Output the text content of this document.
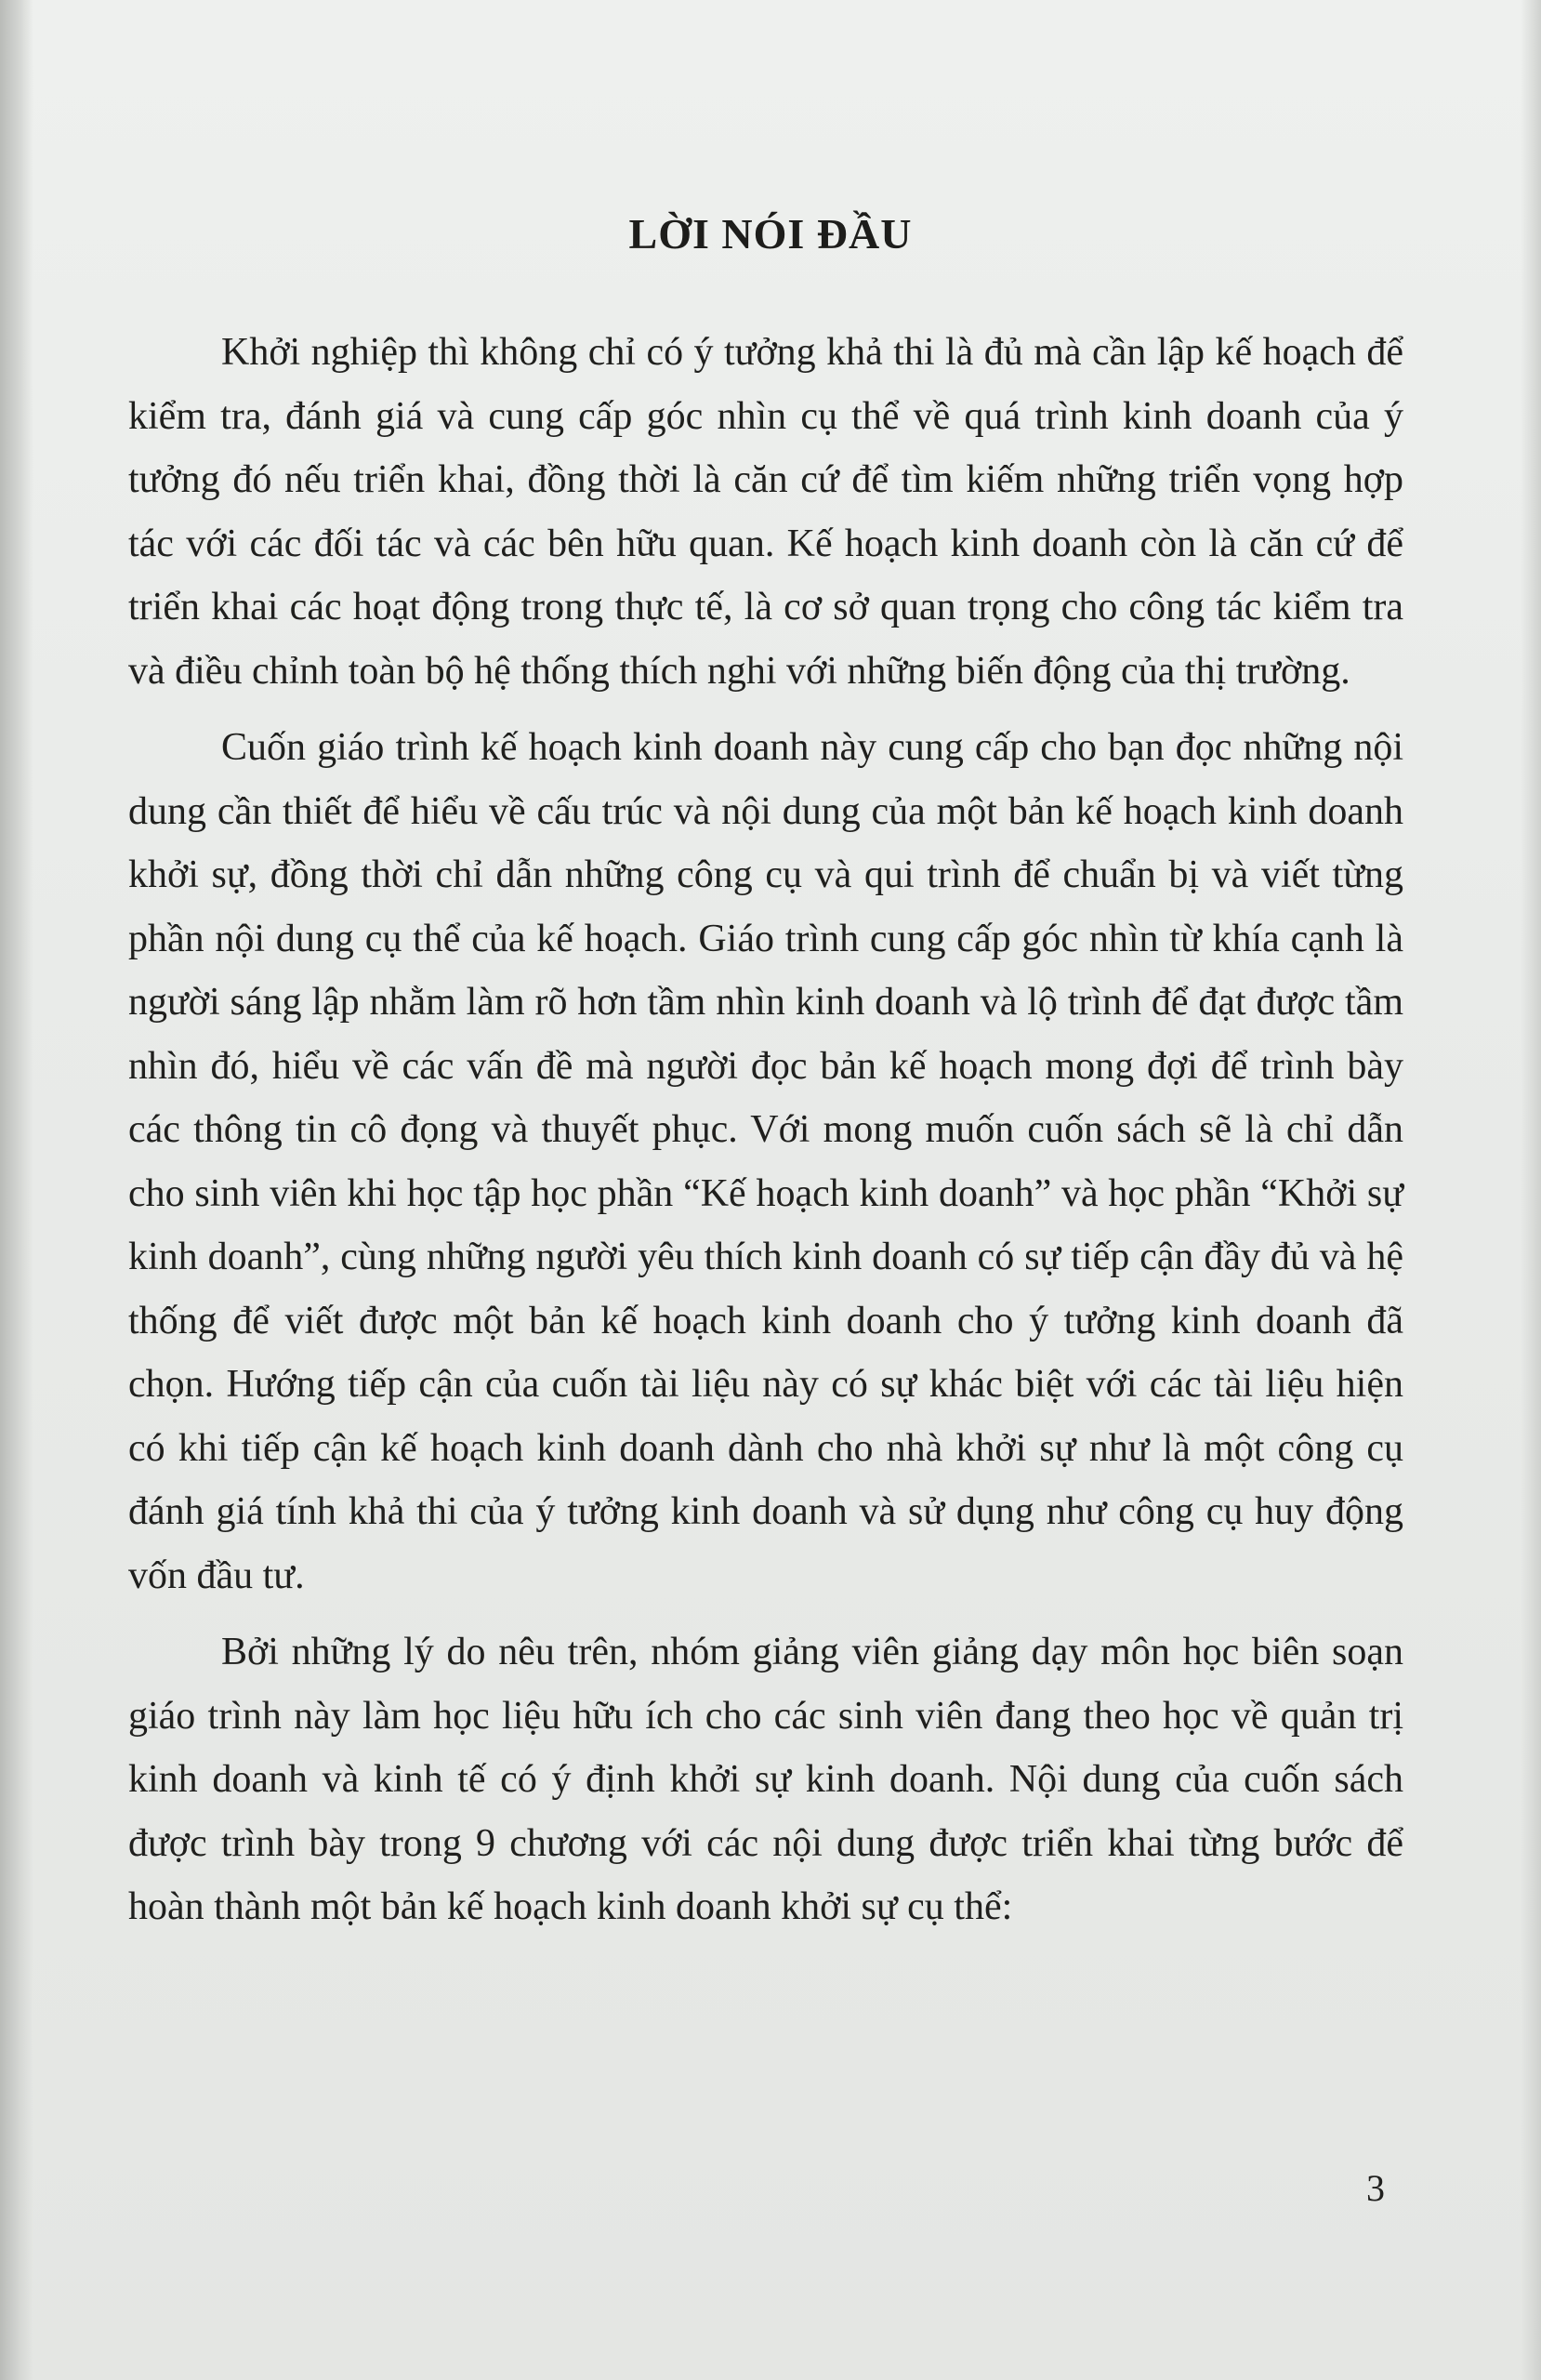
LỜI NÓI ĐẦU

Khởi nghiệp thì không chỉ có ý tưởng khả thi là đủ mà cần lập kế hoạch để kiểm tra, đánh giá và cung cấp góc nhìn cụ thể về quá trình kinh doanh của ý tưởng đó nếu triển khai, đồng thời là căn cứ để tìm kiếm những triển vọng hợp tác với các đối tác và các bên hữu quan. Kế hoạch kinh doanh còn là căn cứ để triển khai các hoạt động trong thực tế, là cơ sở quan trọng cho công tác kiểm tra và điều chỉnh toàn bộ hệ thống thích nghi với những biến động của thị trường.

Cuốn giáo trình kế hoạch kinh doanh này cung cấp cho bạn đọc những nội dung cần thiết để hiểu về cấu trúc và nội dung của một bản kế hoạch kinh doanh khởi sự, đồng thời chỉ dẫn những công cụ và qui trình để chuẩn bị và viết từng phần nội dung cụ thể của kế hoạch. Giáo trình cung cấp góc nhìn từ khía cạnh là người sáng lập nhằm làm rõ hơn tầm nhìn kinh doanh và lộ trình để đạt được tầm nhìn đó, hiểu về các vấn đề mà người đọc bản kế hoạch mong đợi để trình bày các thông tin cô đọng và thuyết phục. Với mong muốn cuốn sách sẽ là chỉ dẫn cho sinh viên khi học tập học phần “Kế hoạch kinh doanh” và học phần “Khởi sự kinh doanh”, cùng những người yêu thích kinh doanh có sự tiếp cận đầy đủ và hệ thống để viết được một bản kế hoạch kinh doanh cho ý tưởng kinh doanh đã chọn. Hướng tiếp cận của cuốn tài liệu này có sự khác biệt với các tài liệu hiện có khi tiếp cận kế hoạch kinh doanh dành cho nhà khởi sự như là một công cụ đánh giá tính khả thi của ý tưởng kinh doanh và sử dụng như công cụ huy động vốn đầu tư.

Bởi những lý do nêu trên, nhóm giảng viên giảng dạy môn học biên soạn giáo trình này làm học liệu hữu ích cho các sinh viên đang theo học về quản trị kinh doanh và kinh tế có ý định khởi sự kinh doanh. Nội dung của cuốn sách được trình bày trong 9 chương với các nội dung được triển khai từng bước để hoàn thành một bản kế hoạch kinh doanh khởi sự cụ thể:

3
